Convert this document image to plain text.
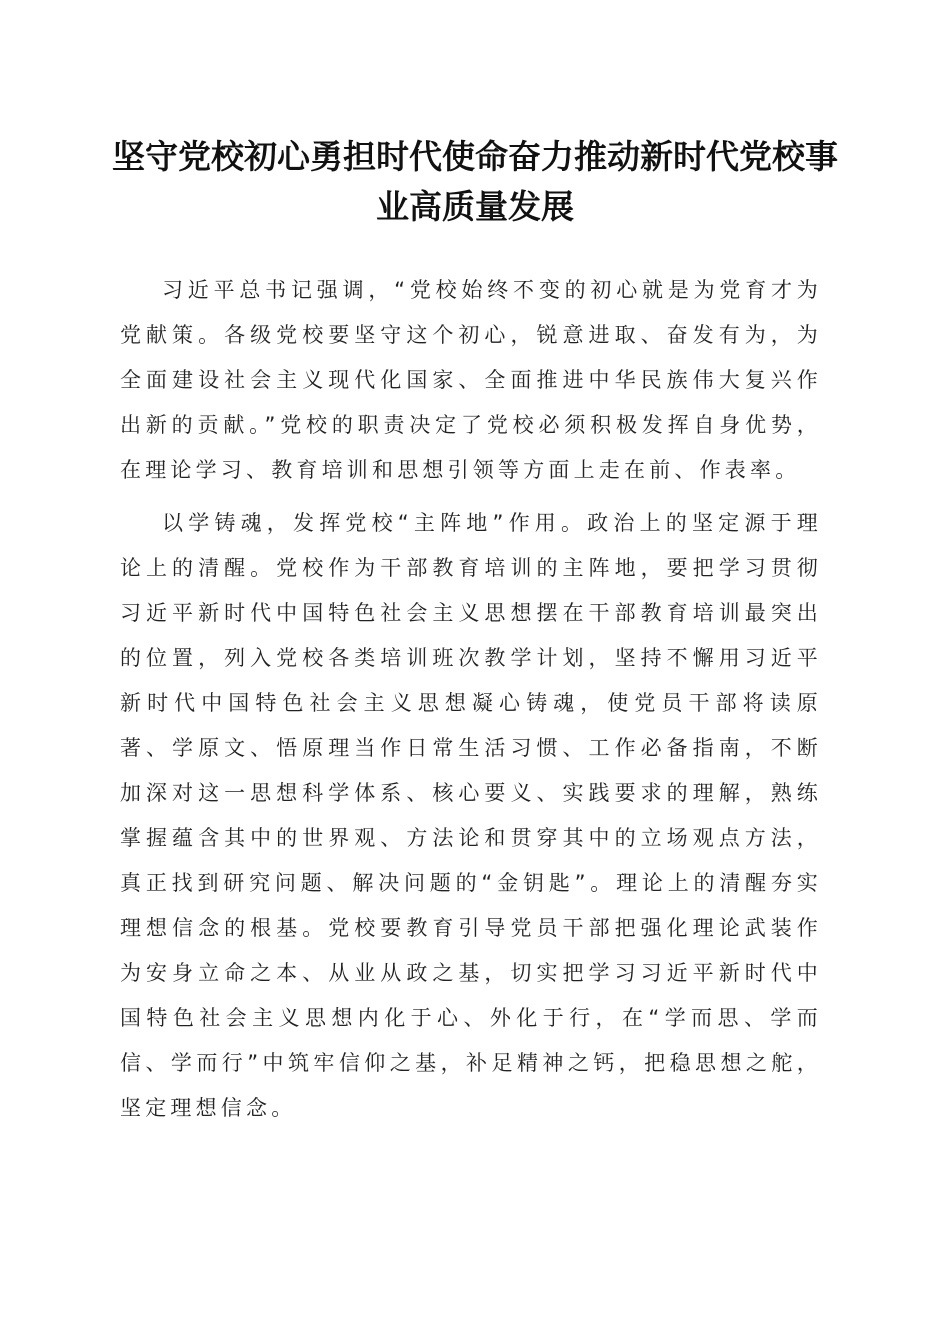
坚守党校初心勇担时代使命奋力推动新时代党校事业高质量发展

习近平总书记强调，“党校始终不变的初心就是为党育才为党献策。各级党校要坚守这个初心，锐意进取、奋发有为，为全面建设社会主义现代化国家、全面推进中华民族伟大复兴作出新的贡献。”党校的职责决定了党校必须积极发挥自身优势，在理论学习、教育培训和思想引领等方面上走在前、作表率。

以学铸魂，发挥党校“主阵地”作用。政治上的坚定源于理论上的清醒。党校作为干部教育培训的主阵地，要把学习贯彻习近平新时代中国特色社会主义思想摆在干部教育培训最突出的位置，列入党校各类培训班次教学计划，坚持不懈用习近平新时代中国特色社会主义思想凝心铸魂，使党员干部将读原著、学原文、悟原理当作日常生活习惯、工作必备指南，不断加深对这一思想科学体系、核心要义、实践要求的理解，熟练掌握蕴含其中的世界观、方法论和贯穿其中的立场观点方法，真正找到研究问题、解决问题的“金钥匙”。理论上的清醒夯实理想信念的根基。党校要教育引导党员干部把强化理论武装作为安身立命之本、从业从政之基，切实把学习习近平新时代中国特色社会主义思想内化于心、外化于行，在“学而思、学而信、学而行”中筑牢信仰之基，补足精神之钙，把稳思想之舵，坚定理想信念。
